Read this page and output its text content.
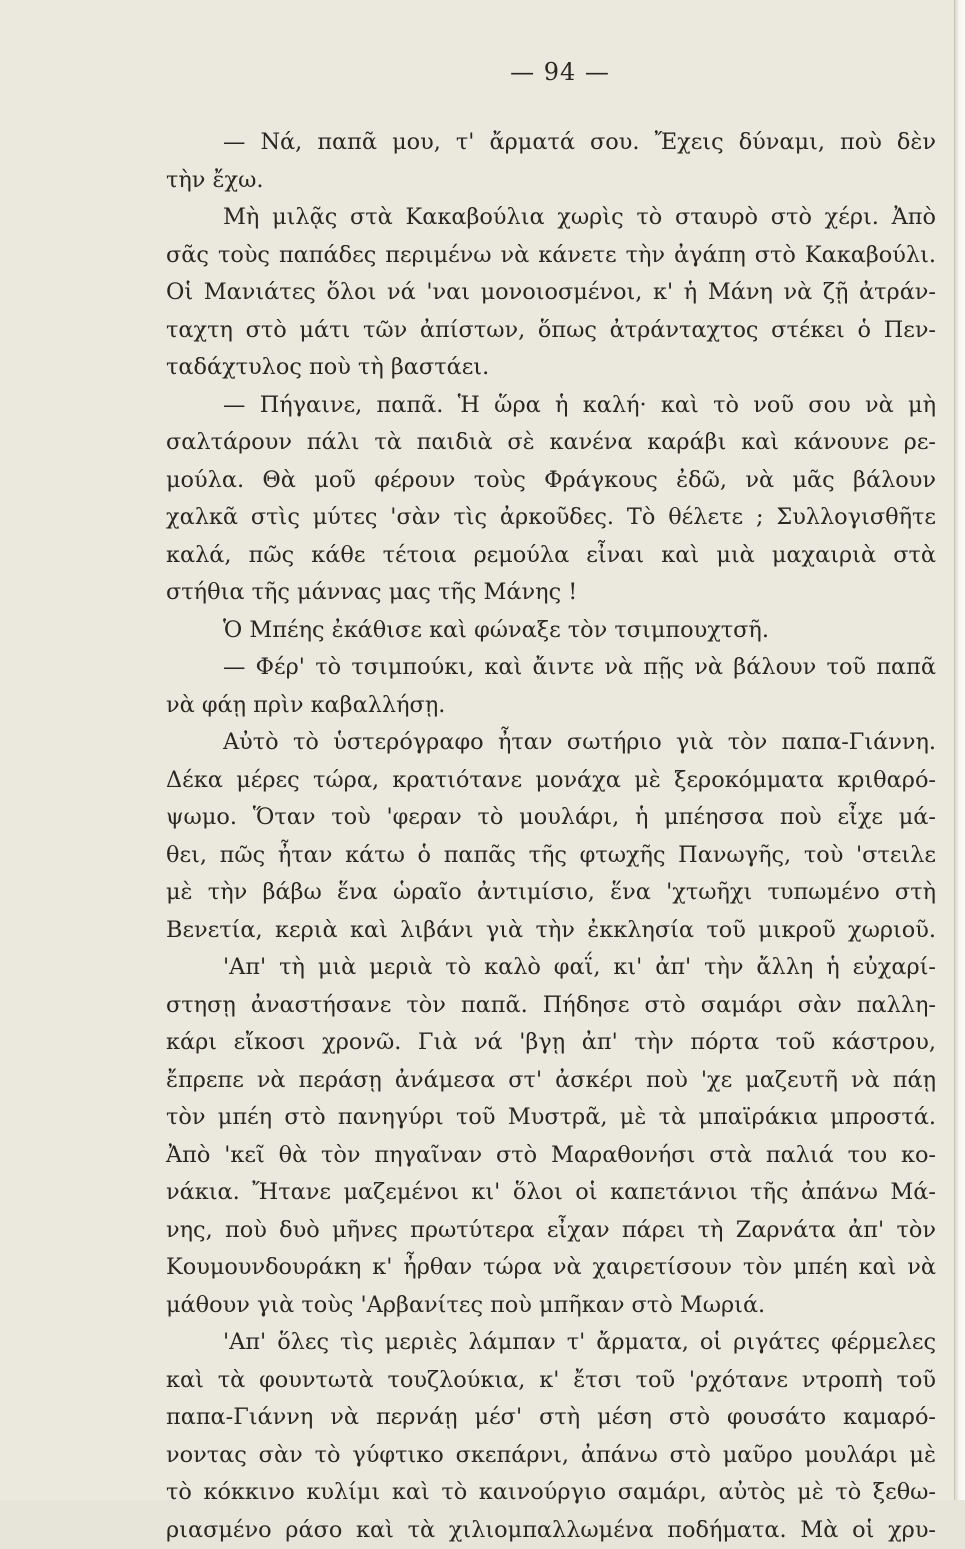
— 94 —
— Νά, παπᾶ μου, τ' ἄρματά σου. Ἔχεις δύναμι, ποὺ δὲν
τὴν ἔχω.
Μὴ μιλᾷς στὰ Κακαβούλια χωρὶς τὸ σταυρὸ στὸ χέρι. Ἀπὸ
σᾶς τοὺς παπάδες περιμένω νὰ κάνετε τὴν ἀγάπη στὸ Κακαβούλι.
Οἱ Μανιάτες ὅλοι νά 'ναι μονοιοσμένοι, κ' ἡ Μάνη νὰ ζῇ ἀτράν-
ταχτη στὸ μάτι τῶν ἀπίστων, ὅπως ἀτράνταχτος στέκει ὁ Πεν-
ταδάχτυλος ποὺ τὴ βαστάει.
— Πήγαινε, παπᾶ. Ἡ ὥρα ἡ καλή· καὶ τὸ νοῦ σου νὰ μὴ
σαλτάρουν πάλι τὰ παιδιὰ σὲ κανένα καράβι καὶ κάνουνε ρε-
μούλα. Θὰ μοῦ φέρουν τοὺς Φράγκους ἐδῶ, νὰ μᾶς βάλουν
χαλκᾶ στὶς μύτες 'σὰν τὶς ἀρκοῦδες. Τὸ θέλετε ; Συλλογισθῆτε
καλά, πῶς κάθε τέτοια ρεμούλα εἶναι καὶ μιὰ μαχαιριὰ στὰ
στήθια τῆς μάννας μας τῆς Μάνης !
Ὁ Μπέης ἐκάθισε καὶ φώναξε τὸν τσιμπουχτσῆ.
— Φέρ' τὸ τσιμπούκι, καὶ ἄιντε νὰ πῇς νὰ βάλουν τοῦ παπᾶ
νὰ φάῃ πρὶν καβαλλήσῃ.
Αὐτὸ τὸ ὑστερόγραφο ἦταν σωτήριο γιὰ τὸν παπα-Γιάννη.
Δέκα μέρες τώρα, κρατιότανε μονάχα μὲ ξεροκόμματα κριθαρό-
ψωμο. Ὅταν τοὺ 'φεραν τὸ μουλάρι, ἡ μπέησσα ποὺ εἶχε μά-
θει, πῶς ἦταν κάτω ὁ παπᾶς τῆς φτωχῆς Πανωγῆς, τοὺ 'στειλε
μὲ τὴν βάβω ἕνα ὡραῖο ἀντιμίσιο, ἕνα 'χτωῆχι τυπωμένο στὴ
Βενετία, κεριὰ καὶ λιβάνι γιὰ τὴν ἐκκλησία τοῦ μικροῦ χωριοῦ.
'Απ' τὴ μιὰ μεριὰ τὸ καλὸ φαΐ, κι' ἀπ' τὴν ἄλλη ἡ εὐχαρί-
στησῃ ἀναστήσανε τὸν παπᾶ. Πήδησε στὸ σαμάρι σὰν παλλη-
κάρι εἴκοσι χρονῶ. Γιὰ νά 'βγῃ ἀπ' τὴν πόρτα τοῦ κάστρου,
ἔπρεπε νὰ περάσῃ ἀνάμεσα στ' ἀσκέρι ποὺ 'χε μαζευτῆ νὰ πάῃ
τὸν μπέη στὸ πανηγύρι τοῦ Μυστρᾶ, μὲ τὰ μπαϊράκια μπροστά.
Ἀπὸ 'κεῖ θὰ τὸν πηγαῖναν στὸ Μαραθονήσι στὰ παλιά του κο-
νάκια. Ἤτανε μαζεμένοι κι' ὅλοι οἱ καπετάνιοι τῆς ἀπάνω Μά-
νης, ποὺ δυὸ μῆνες πρωτύτερα εἶχαν πάρει τὴ Ζαρνάτα ἀπ' τὸν
Κουμουνδουράκη κ' ἦρθαν τώρα νὰ χαιρετίσουν τὸν μπέη καὶ νὰ
μάθουν γιὰ τοὺς 'Αρβανίτες ποὺ μπῆκαν στὸ Μωριά.
'Απ' ὅλες τὶς μεριὲς λάμπαν τ' ἄρματα, οἱ ριγάτες φέρμελες
καὶ τὰ φουντωτὰ τουζλούκια, κ' ἔτσι τοῦ 'ρχότανε ντροπὴ τοῦ
παπα-Γιάννη νὰ περνάῃ μέσ' στὴ μέση στὸ φουσάτο καμαρό-
νοντας σὰν τὸ γύφτικο σκεπάρνι, ἀπάνω στὸ μαῦρο μουλάρι μὲ
τὸ κόκκινο κυλίμι καὶ τὸ καινούργιο σαμάρι, αὐτὸς μὲ τὸ ξεθω-
ριασμένο ράσο καὶ τὰ χιλιομπαλλωμένα ποδήματα. Μὰ οἱ χρυ-
